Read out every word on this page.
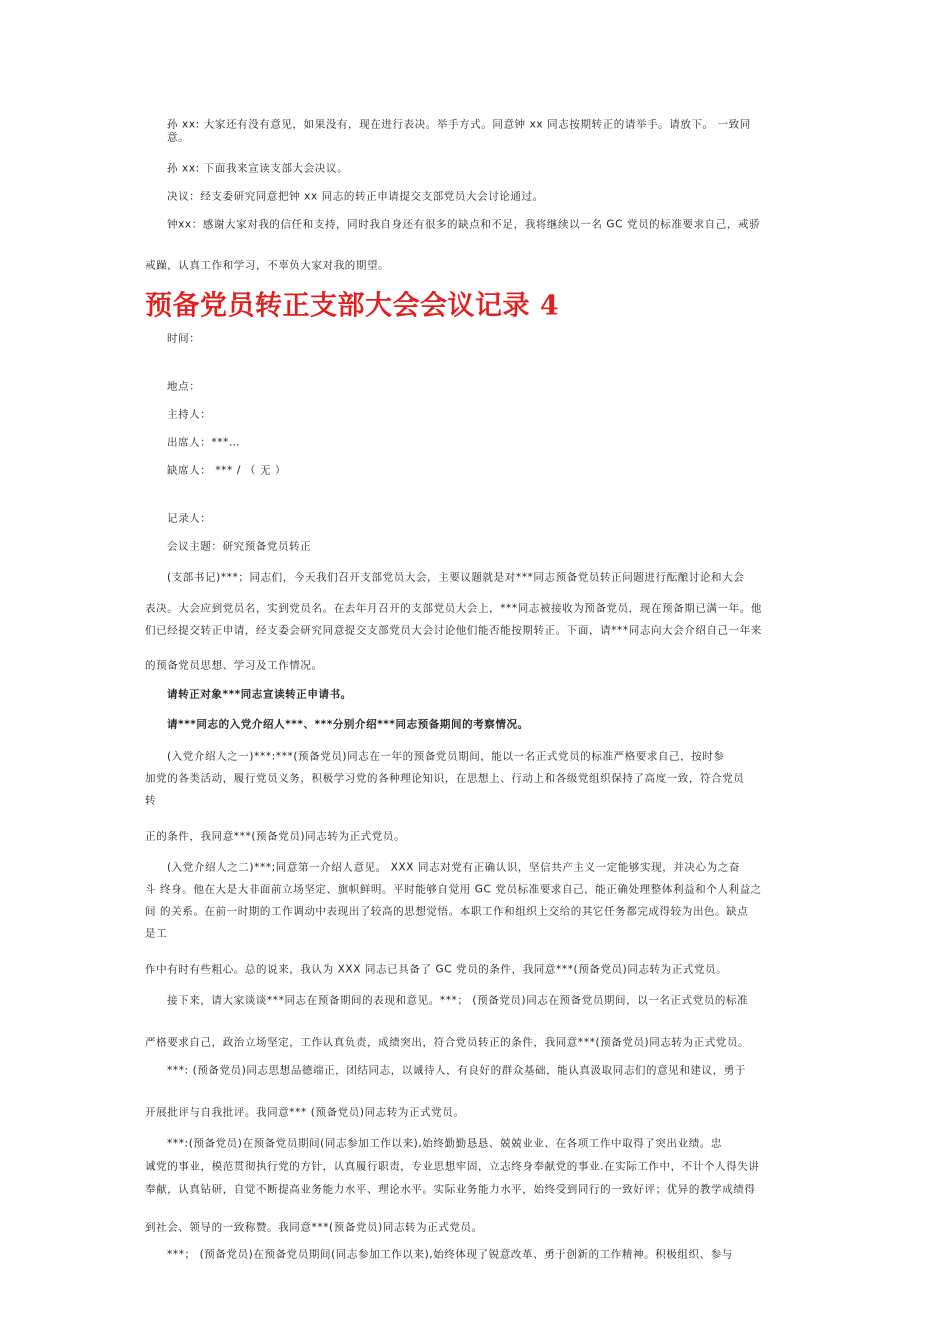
孙 xx: 大家还有没有意见，如果没有，现在进行表决。举手方式。同意钟 xx 同志按期转正的请举手。请放下。 一致同
意。
孙 xx: 下面我来宣读支部大会决议。
决议：经支委研究同意把钟 xx 同志的转正申请提交支部党员大会讨论通过。
钟xx：感谢大家对我的信任和支持，同时我自身还有很多的缺点和不足，我将继续以一名 GC 党员的标准要求自己，戒骄
戒躁，认真工作和学习，不辜负大家对我的期望。
预备党员转正支部大会会议记录 4
时间：
地点：
主持人：
出席人：***…
缺席人： *** / （ 无 ）
记录人：
会议主题：研究预备党员转正
(支部书记)***；同志们，今天我们召开支部党员大会，主要议题就是对***同志预备党员转正问题进行酝酿讨论和大会
表决。大会应到党员名，实到党员名。在去年月召开的支部党员大会上，***同志被接收为预备党员，现在预备期已满一年。他
们已经提交转正申请，经支委会研究同意提交支部党员大会讨论他们能否能按期转正。下面，请***同志向大会介绍自己一年来
的预备党员思想、学习及工作情况。
请转正对象***同志宣读转正申请书。
请***同志的入党介绍人***、***分别介绍***同志预备期间的考察情况。
(入党介绍人之一)***:***(预备党员)同志在一年的预备党员期间，能以一名正式党员的标准严格要求自己，按时参
加党的各类活动，履行党员义务，积极学习党的各种理论知识，在思想上、行动上和各级党组织保持了高度一致，符合党员
转
正的条件，我同意***(预备党员)同志转为正式党员。
(入党介绍人之二)***;同意第一介绍人意见。 XXX 同志对党有正确认识，坚信共产主义一定能够实现，并决心为之奋
斗 终身。他在大是大非面前立场坚定、旗帜鲜明。平时能够自觉用 GC 党员标准要求自己，能正确处理整体利益和个人利益之
间 的关系。在前一时期的工作调动中表现出了较高的思想觉悟。本职工作和组织上交给的其它任务都完成得较为出色。缺点
是工
作中有时有些粗心。总的说来，我认为 XXX 同志已具备了 GC 党员的条件，我同意***(预备党员)同志转为正式党员。
接下来，请大家谈谈***同志在预备期间的表现和意见。***； (预备党员)同志在预备党员期间，以一名正式党员的标准
严格要求自己，政治立场坚定，工作认真负责，成绩突出，符合党员转正的条件，我同意***(预备党员)同志转为正式党员。
***: (预备党员)同志思想品德端正，团结同志，以诚待人，有良好的群众基础，能认真汲取同志们的意见和建议，勇于
开展批评与自我批评。我同意*** (预备党员)同志转为正式党员。
***:(预备党员)在预备党员期间(同志参加工作以来),始终勤勤恳恳、兢兢业业、在各项工作中取得了突出业绩。忠
诚党的事业，模范贯彻执行党的方针，认真履行职责，专业思想牢固，立志终身奉献党的事业.在实际工作中，不计个人得失讲
奉献，认真钻研，自觉不断提高业务能力水平、理论水平。实际业务能力水平，始终受到同行的一致好评；优异的教学成绩得
到社会、领导的一致称赞。我同意***(预备党员)同志转为正式党员。
***； (预备党员)在预备党员期间(同志参加工作以来),始终体现了锐意改革、勇于创新的工作精神。积极组织、参与
